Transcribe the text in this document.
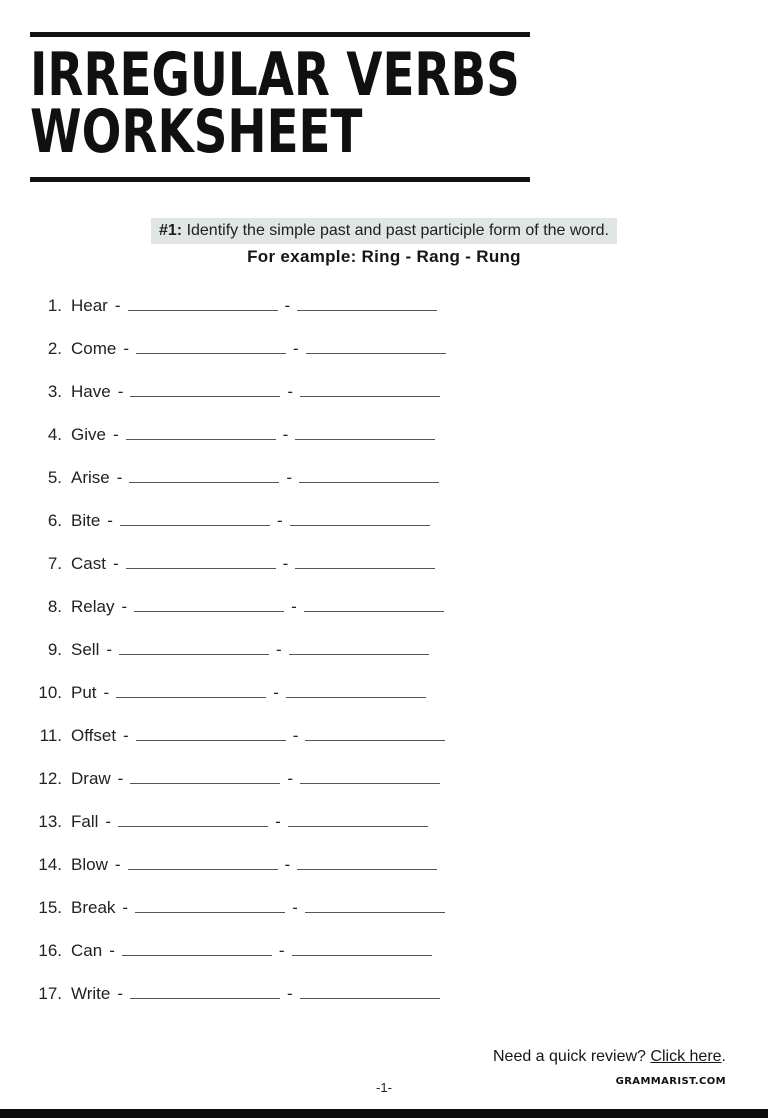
IRREGULAR VERBS
WORKSHEET
#1: Identify the simple past and past participle form of the word.
For example: Ring - Rang - Rung
1. Hear -	-
2. Come -	-
3. Have -	-
4. Give -	-
5. Arise -	-
6. Bite -	-
7. Cast -	-
8. Relay -	-
9. Sell -	-
10. Put -	-
11. Offset -	-
12. Draw -	-
13. Fall -	-
14. Blow -	-
15. Break -	-
16. Can -	-
17. Write -	-
Need a quick review? Click here.
GRAMMARIST.COM
-1-
